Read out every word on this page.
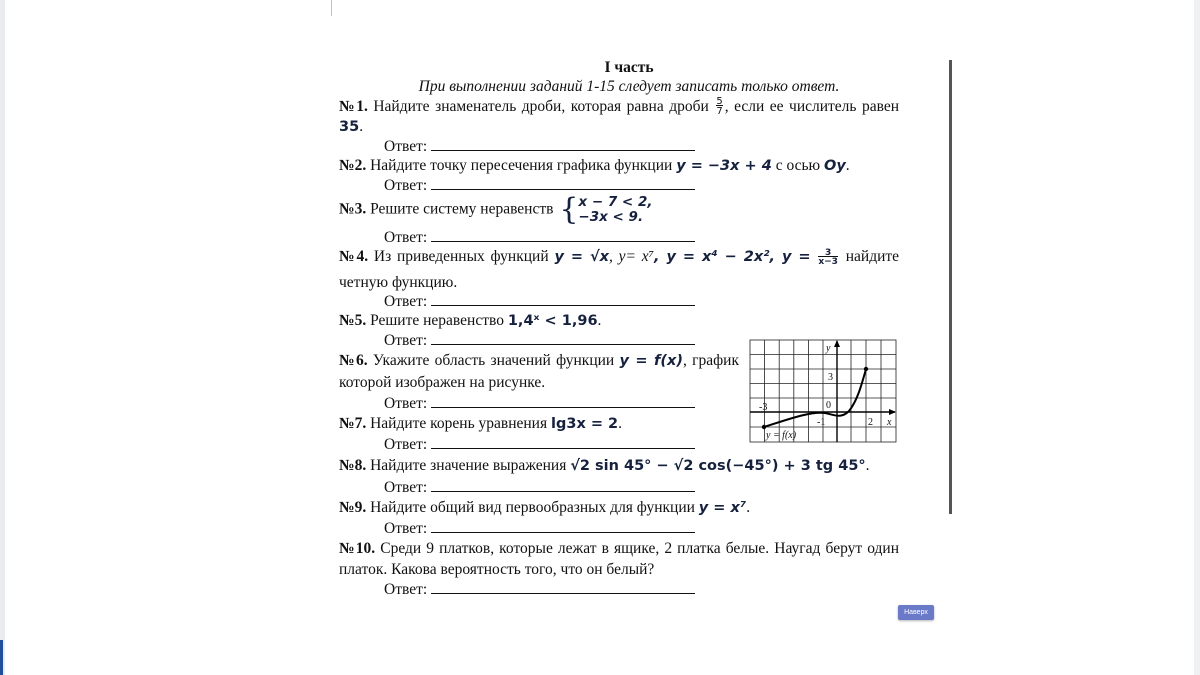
I часть
При выполнении заданий 1-15 следует записать только ответ.
№1. Найдите знаменатель дроби, которая равна дроби $\frac{5}{7}$ , если ее числитель равен 35.
Ответ:
№2. Найдите точку пересечения графика функции y = −3x + 4 с осью Oy.
Ответ:
№3. Решите систему неравенств {x − 7 < 2,
−3x < 9.
Ответ:
№4. Из приведенных функций y = √x, y= x⁷, y = x⁴ − 2x², $y = \frac{3}{x-3}$ найдите четную функцию.
Ответ:
№5. Решите неравенство 1,4ˣ < 1,96.
Ответ:
№6. Укажите область значений функции y = f(x), график которой изображен на рисунке.
Ответ:
№7. Найдите корень уравнения lg3x = 2.
Ответ:
№8. Найдите значение выражения √2 sin 45° − √2 cos(−45°) + 3 tg 45°.
Ответ:
№9. Найдите общий вид первообразных для функции y = x⁷.
Ответ:
№10. Среди 9 платков, которые лежат в ящике, 2 платка белые. Наугад берут один платок. Какова вероятность того, что он белый?
Ответ:
y
x
3
-3
-1
0
2
y = f(x)
Наверх
